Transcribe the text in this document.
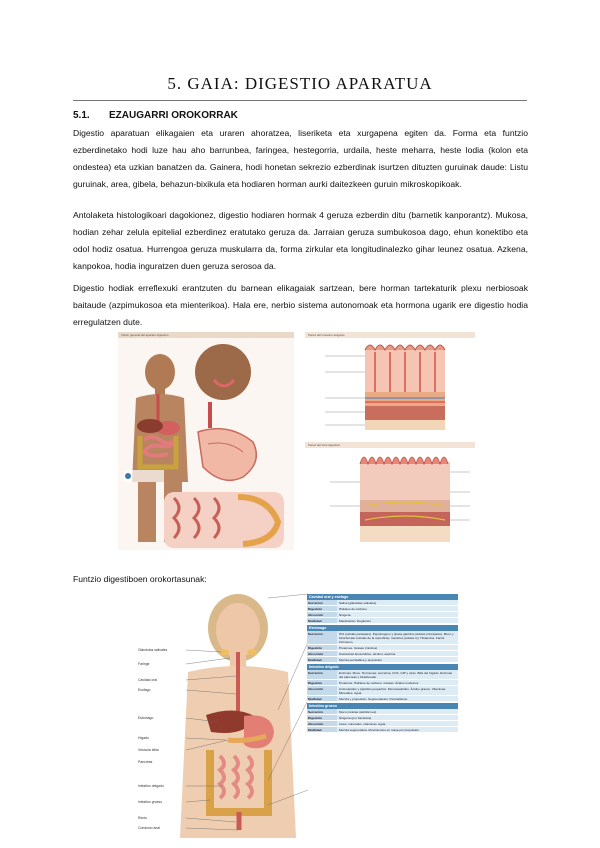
5. GAIA: DIGESTIO APARATUA
5.1. EZAUGARRI OROKORRAK
Digestio aparatuan elikagaien eta uraren ahoratzea, liseriketa eta xurgapena egiten da. Forma eta funtzio ezberdinetako hodi luze hau aho barrunbea, faringea, hestegorria, urdaila, heste meharra, heste lodia (kolon eta ondestea) eta uzkian banatzen da. Gainera, hodi honetan sekrezio ezberdinak isurtzen dituzten guruinak daude: Listu guruinak, area, gibela, behazun-bixikula eta hodiaren horman aurki daitezkeen guruin mikroskopikoak.
Antolaketa histologikoari dagokionez, digestio hodiaren hormak 4 geruza ezberdin ditu (barnetik kanporantz). Mukosa, hodian zehar zelula epitelial ezberdinez eratutako geruza da. Jarraian geruza sumbukosoa dago, ehun konektibo eta odol hodiz osatua. Hurrengoa geruza muskularra da, forma zirkular eta longitudinalezko gihar leunez osatua. Azkena, kanpokoa, hodia inguratzen duen geruza serosoa da.
Digestio hodiak erreflexuki erantzuten du barnean elikagaiak sartzean, bere horman tartekaturik plexu nerbiosoak baitaude (azpimukosoa eta mienterikoa). Hala ere, nerbio sistema autonomoak eta hormona ugarik ere digestio hodia erregulatzen dute.
Visión general del aparato digestivo	Pared del intestino delgado
Pared del tubo digestivo
Funtzio digestiboen orokortasunak:
Glándulas salivales
Faringe
Cavidad oral
Esófago
Estómago
Hígado
Vesícula biliar
Páncreas
Intestino delgado
Intestino grueso
Recto
Conducto anal
Cavidad oral y esófago
Secreción	Saliva (glándulas salivales)
Digestión	Hidratos de carbono
Absorción	Ninguna
Motilidad	Masticación. Deglución
Estómago
Secreción	HCl (células parietales). Pepsinógeno y lipasa gástrica (células principales). Moco y bicarbonato (células de la superficie). Gastrina (células G). Histamina. Factor intrínseco.
Digestión	Proteínas. Grasas (mínima)
Absorción	Sustancias liposolubles, alcohol, aspirina
Motilidad	Mezcla peristáltica y propulsión
Intestino delgado
Secreción	Enzimas. Moco. Hormonas: secretina, CCK, GIP y otras. Bilis del hígado. Enzimas del páncreas y bicarbonato.
Digestión	Proteínas. Hidratos de carbono. Grasas. Ácidos nucleicos.
Absorción	Aminoácidos y péptidos pequeños. Monosacáridos. Ácidos grasos. Vitaminas. Minerales. Agua.
Motilidad	Mezcla y propulsión. Segmentación. Peristaltismo.
Intestino grueso
Secreción	Moco (células caliciformes)
Digestión	Ninguna (por bacterias)
Absorción	Iones, minerales, vitaminas. Agua.
Motilidad	Mezcla segmentaria. Movimientos en masa por propulsión.
